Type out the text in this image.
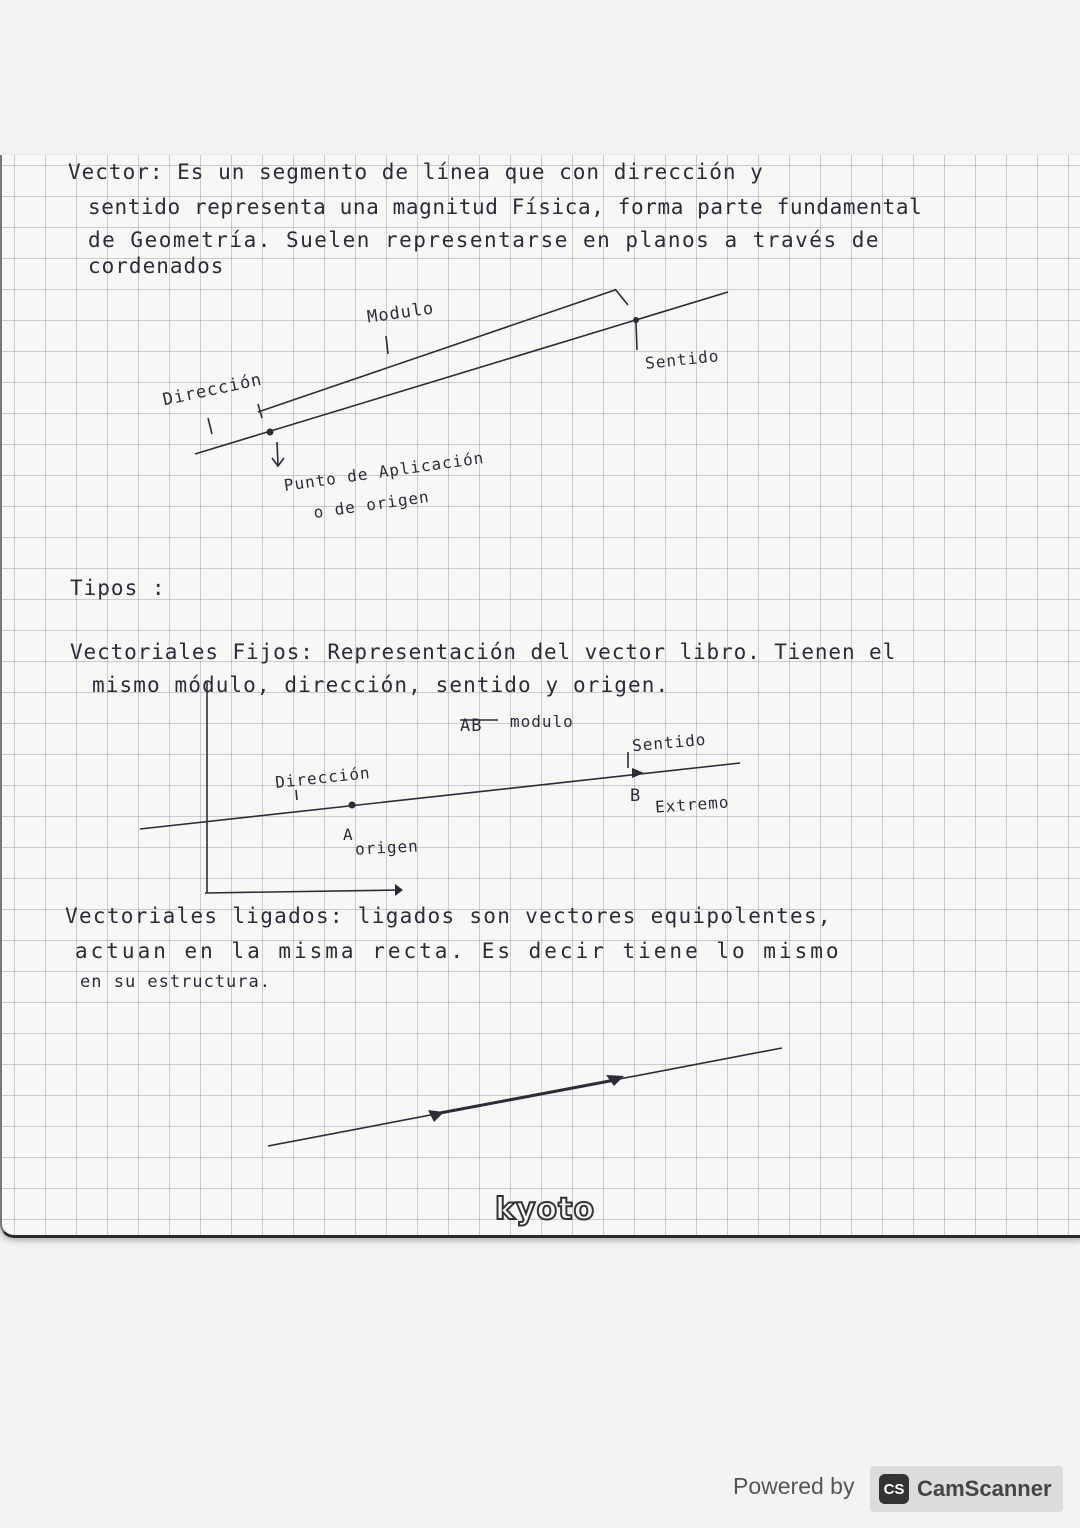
Vector: Es un segmento de línea que con dirección y
sentido representa una magnitud Física, forma parte fundamental
de Geometría. Suelen representarse en planos a través de
cordenados
Modulo
Dirección
Sentido
Punto de Aplicación
o de origen
Tipos :
Vectoriales Fijos: Representación del vector libro. Tienen el
mismo módulo, dirección, sentido y origen.
AB modulo
Sentido
Dirección
B Extremo
A
origen
Vectoriales ligados: ligados son vectores equipolentes,
actuan en la misma recta. Es decir tiene lo mismo
en su estructura.
kyoto
Powered by	CS CamScanner
